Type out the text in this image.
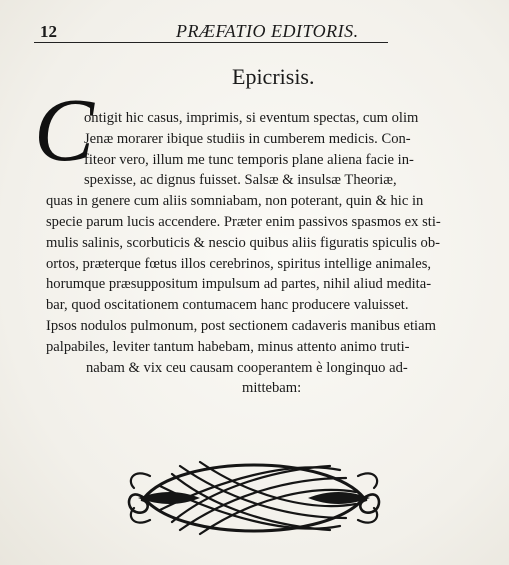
12	PRÆFATIO EDITORIS.
Epicrisis.
C
ontigit hic casus, imprimis, si eventum spectas, cum olim
Jenæ morarer ibique studiis in cumberem medicis. Con-
fiteor vero, illum me tunc temporis plane aliena facie in-
spexisse, ac dignus fuisset. Salsæ & insulsæ Theoriæ,
quas in genere cum aliis somniabam, non poterant, quin & hic in
specie parum lucis accendere. Præter enim passivos spasmos ex sti-
mulis salinis, scorbuticis & nescio quibus aliis figuratis spiculis ob-
ortos, præterque fœtus illos cerebrinos, spiritus intellige animales,
horumque præsuppositum impulsum ad partes, nihil aliud medita-
bar, quod oscitationem contumacem hanc producere valuisset.
Ipsos nodulos pulmonum, post sectionem cadaveris manibus etiam
palpabiles, leviter tantum habebam, minus attento animo truti-
nabam & vix ceu causam cooperantem è longinquo ad-
mittebam:
